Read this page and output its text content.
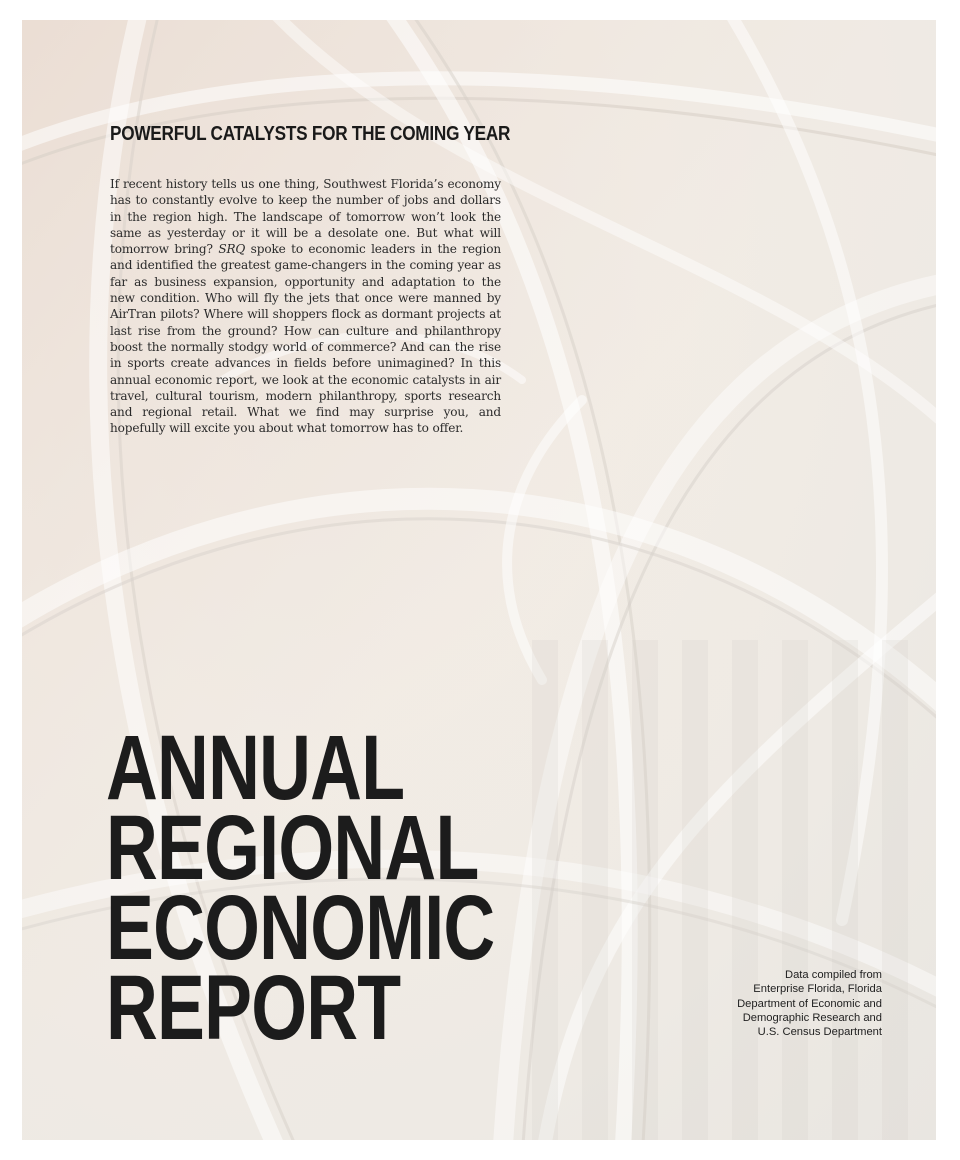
POWERFUL CATALYSTS FOR THE COMING YEAR

If recent history tells us one thing, Southwest Florida’s economy has to constantly evolve to keep the number of jobs and dollars in the region high. The landscape of tomorrow won’t look the same as yesterday or it will be a desolate one. But what will tomorrow bring? SRQ spoke to economic leaders in the region and identified the greatest game-changers in the coming year as far as business expansion, opportunity and adaptation to the new condition. Who will fly the jets that once were manned by AirTran pilots? Where will shoppers flock as dormant projects at last rise from the ground? How can culture and philanthropy boost the normally stodgy world of commerce? And can the rise in sports create advances in fields before unimagined? In this annual economic report, we look at the economic catalysts in air travel, cultural tourism, modern philanthropy, sports research and regional retail. What we find may surprise you, and hopefully will excite you about what tomorrow has to offer.

ANNUAL
REGIONAL
ECONOMIC
REPORT	Data compiled from
Enterprise Florida, Florida
Department of Economic and
Demographic Research and
U.S. Census Department
